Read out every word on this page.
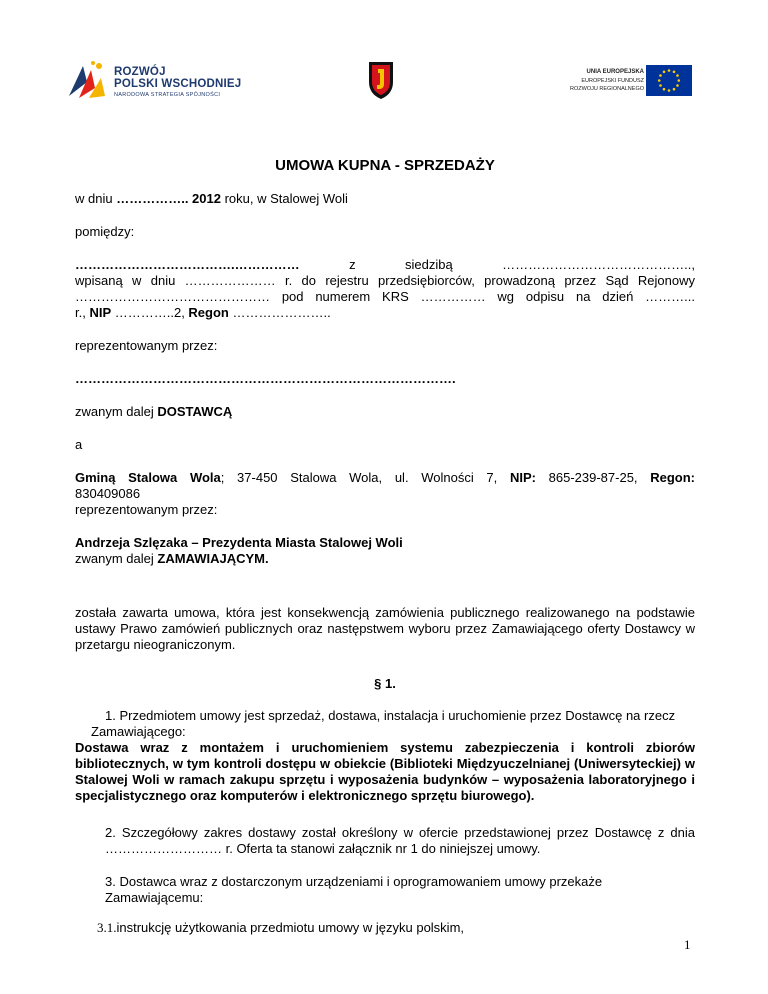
ROZWÓJ
POLSKI WSCHODNIEJ
NARODOWA STRATEGIA SPÓJNOŚCI
UNIA EUROPEJSKA
EUROPEJSKI FUNDUSZ
ROZWOJU REGIONALNEGO
UMOWA KUPNA - SPRZEDAŻY

w dniu …………….. 2012 roku, w Stalowej Woli

pomiędzy:

……………………………….……………	z siedzibą ……………………………………..,
wpisaną w dniu ………………… r. do rejestru przedsiębiorców, prowadzoną przez Sąd Rejonowy
……………………………………… pod numerem KRS …………… wg odpisu na dzień ………...
r., NIP …………..2, Regon …………………..

reprezentowanym przez:

…………………………………………………………………………….

zwanym dalej DOSTAWCĄ

a

Gminą Stalowa Wola; 37-450 Stalowa Wola, ul. Wolności 7, NIP: 865-239-87-25, Regon:
830409086
reprezentowanym przez:

Andrzeja Szlęzaka – Prezydenta Miasta Stalowej Woli
zwanym dalej ZAMAWIAJĄCYM.

została zawarta umowa, która jest konsekwencją zamówienia publicznego realizowanego na podstawie ustawy Prawo zamówień publicznych oraz następstwem wyboru przez Zamawiającego oferty Dostawcy w przetargu nieograniczonym.

§ 1.

1. Przedmiotem umowy jest sprzedaż, dostawa, instalacja i uruchomienie przez Dostawcę na rzecz Zamawiającego:

Dostawa wraz z montażem i uruchomieniem systemu zabezpieczenia i kontroli zbiorów bibliotecznych, w tym kontroli dostępu w obiekcie (Biblioteki Międzyuczelnianej (Uniwersyteckiej) w Stalowej Woli w ramach zakupu sprzętu i wyposażenia budynków – wyposażenia laboratoryjnego i specjalistycznego oraz komputerów i elektronicznego sprzętu biurowego).

2. Szczegółowy zakres dostawy został określony w ofercie przedstawionej przez Dostawcę z dnia ……………………… r. Oferta ta stanowi załącznik nr 1 do niniejszej umowy.

3. Dostawca wraz z dostarczonym urządzeniami i oprogramowaniem umowy przekaże Zamawiającemu:

3.1.instrukcję użytkowania przedmiotu umowy w języku polskim,

1
